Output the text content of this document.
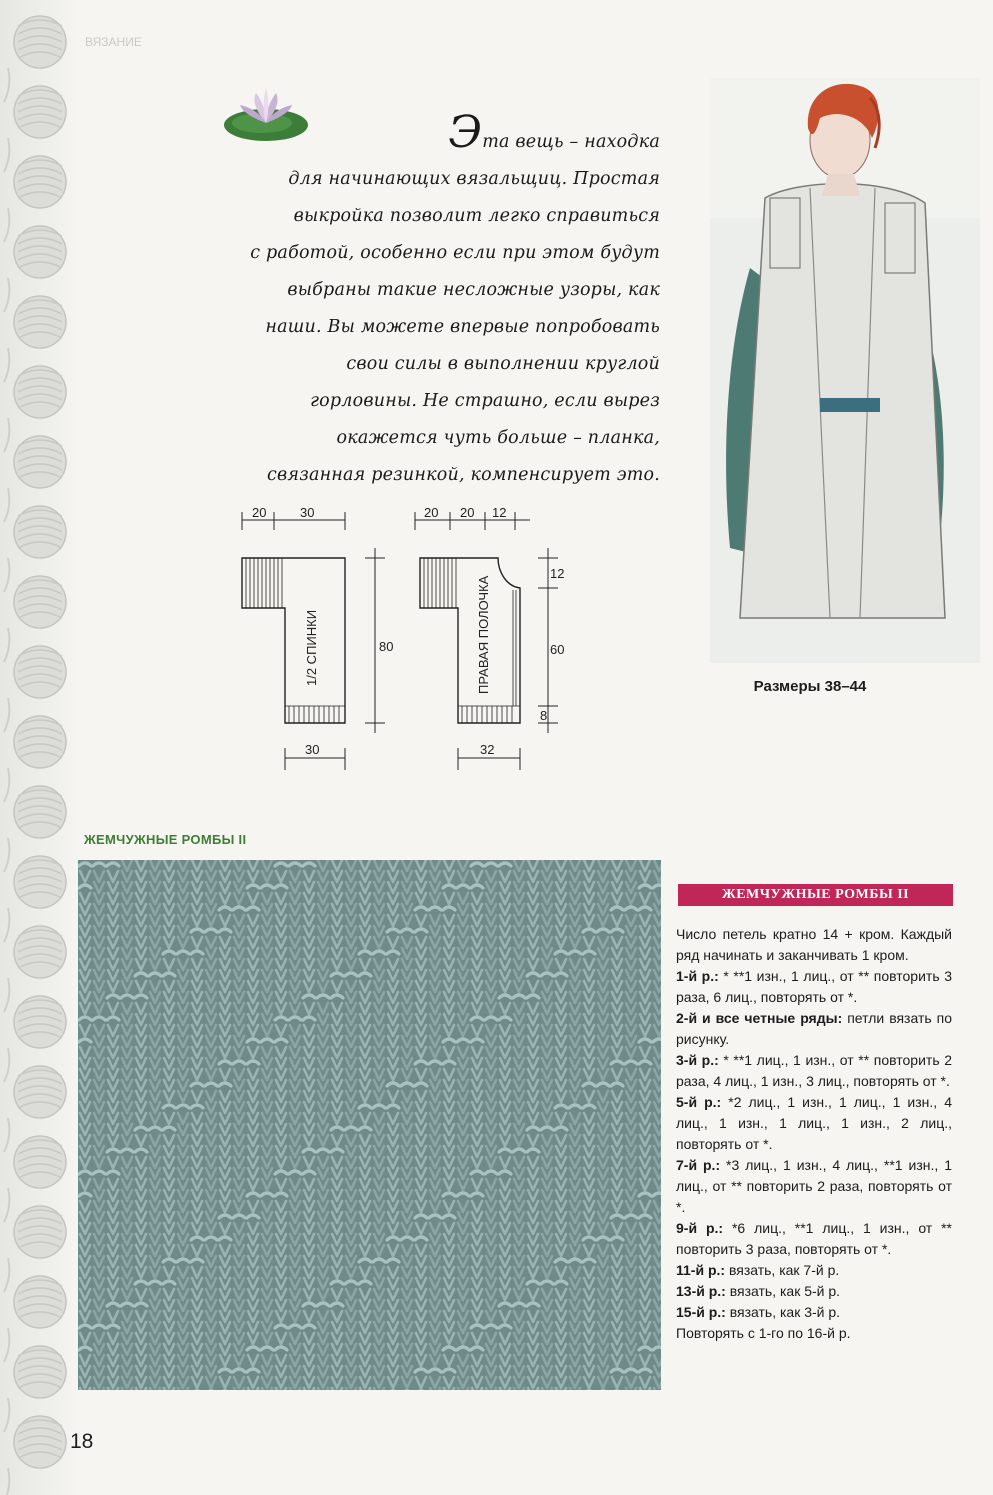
ВЯЗАНИЕ
Эта вещь – находка
для начинающих вязальщиц. Простая
выкройка позволит легко справиться
с работой, особенно если при этом будут
выбраны такие несложные узоры, как
наши. Вы можете впервые попробовать
свои силы в выполнении круглой
горловины. Не страшно, если вырез
окажется чуть больше – планка,
связанная резинкой, компенсирует это.
Размеры 38–44
20	30
80
30
1/2 СПИНКИ
20 20 12
12
60
8
32
ПРАВАЯ ПОЛОЧКА
ЖЕМЧУЖНЫЕ РОМБЫ II
ЖЕМЧУЖНЫЕ РОМБЫ II

Число петель кратно 14 + кром. Каждый ряд начинать и заканчивать 1 кром.

1-й р.: * **1 изн., 1 лиц., от ** повторить 3 раза, 6 лиц., повторять от *.

2-й и все четные ряды: петли вязать по рисунку.

3-й р.: * **1 лиц., 1 изн., от ** повторить 2 раза, 4 лиц., 1 изн., 3 лиц., повторять от *.

5-й р.: *2 лиц., 1 изн., 1 лиц., 1 изн., 4 лиц., 1 изн., 1 лиц., 1 изн., 2 лиц., повторять от *.

7-й р.: *3 лиц., 1 изн., 4 лиц., **1 изн., 1 лиц., от ** повторить 2 раза, повторять от *.

9-й р.: *6 лиц., **1 лиц., 1 изн., от ** повторить 3 раза, повторять от *.

11-й р.: вязать, как 7-й р.

13-й р.: вязать, как 5-й р.

15-й р.: вязать, как 3-й р.

Повторять с 1-го по 16-й р.

18
